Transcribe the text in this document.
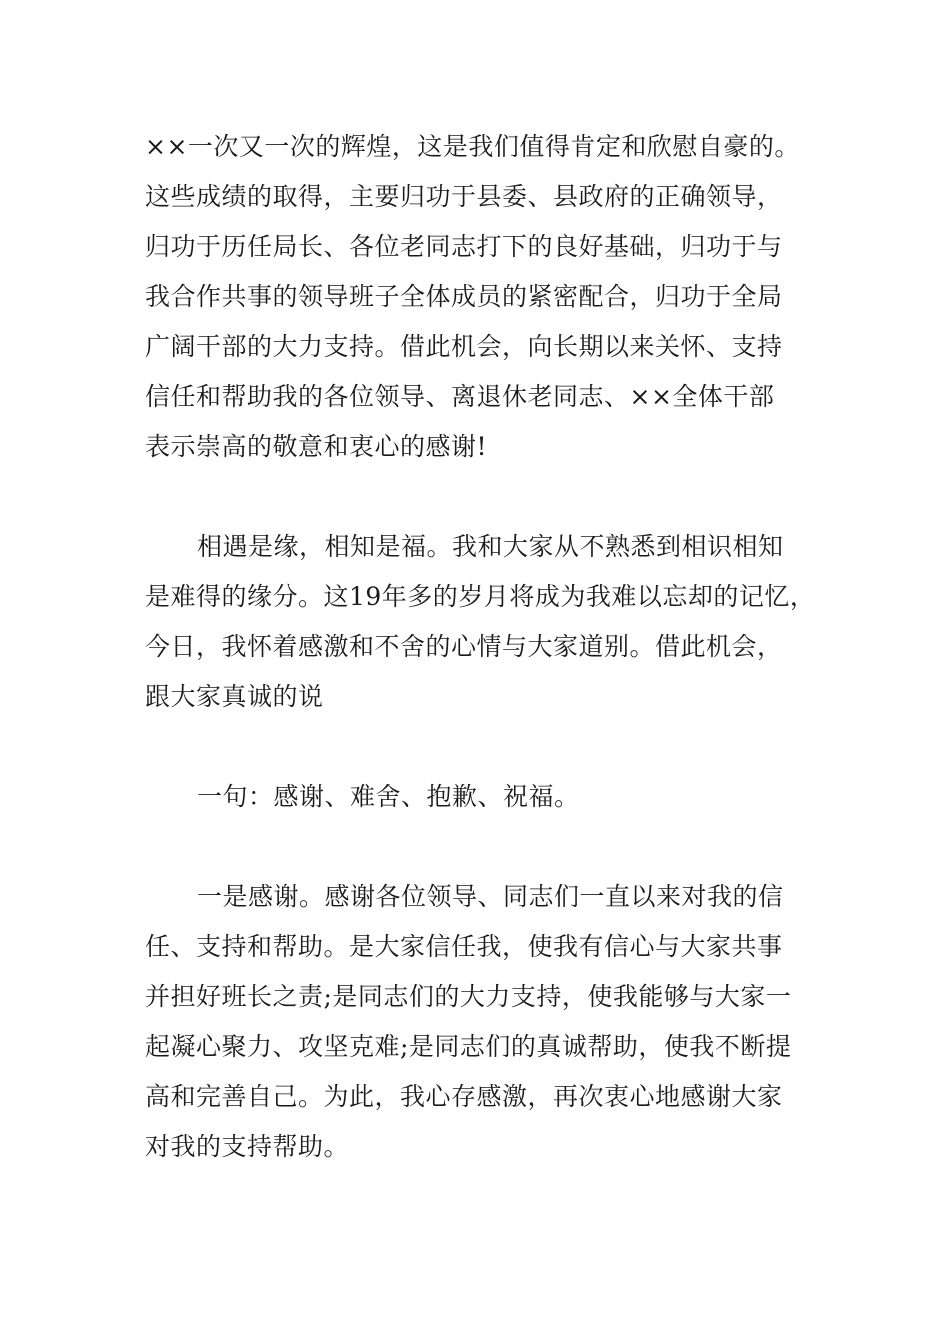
××一次又一次的辉煌，这是我们值得肯定和欣慰自豪的。
这些成绩的取得，主要归功于县委、县政府的正确领导，
归功于历任局长、各位老同志打下的良好基础，归功于与
我合作共事的领导班子全体成员的紧密配合，归功于全局
广阔干部的大力支持。借此机会，向长期以来关怀、支持
信任和帮助我的各位领导、离退休老同志、××全体干部
表示崇高的敬意和衷心的感谢!
相遇是缘，相知是福。我和大家从不熟悉到相识相知
是难得的缘分。这19年多的岁月将成为我难以忘却的记忆，
今日，我怀着感激和不舍的心情与大家道别。借此机会，
跟大家真诚的说
一句：感谢、难舍、抱歉、祝福。
一是感谢。感谢各位领导、同志们一直以来对我的信
任、支持和帮助。是大家信任我，使我有信心与大家共事
并担好班长之责;是同志们的大力支持，使我能够与大家一
起凝心聚力、攻坚克难;是同志们的真诚帮助，使我不断提
高和完善自己。为此，我心存感激，再次衷心地感谢大家
对我的支持帮助。
